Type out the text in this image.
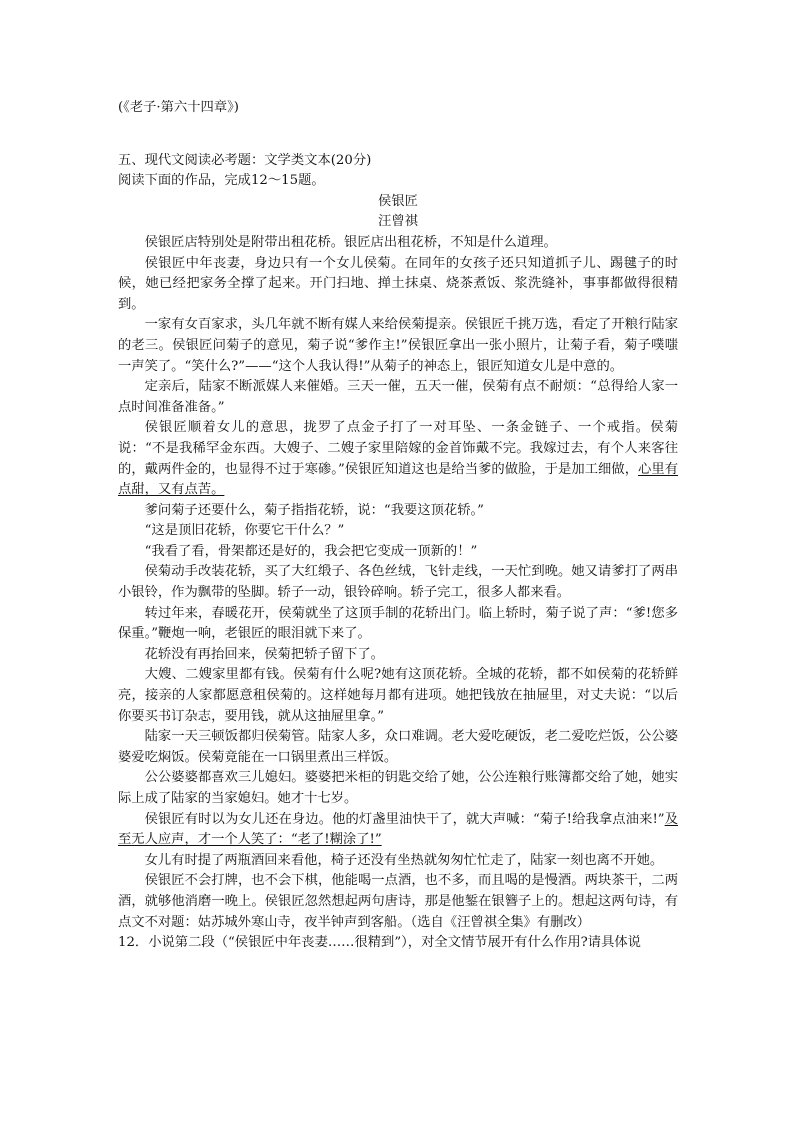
(《老子·第六十四章》)

五、现代文阅读必考题：文学类文本(20分)

阅读下面的作品，完成12～15题。

侯银匠

汪曾祺

侯银匠店特别处是附带出租花桥。银匠店出租花桥，不知是什么道理。

侯银匠中年丧妻，身边只有一个女儿侯菊。在同年的女孩子还只知道抓子儿、踢毽子的时候，她已经把家务全撑了起来。开门扫地、掸土抹桌、烧茶煮饭、浆洗缝补，事事都做得很精到。

一家有女百家求，头几年就不断有媒人来给侯菊提亲。侯银匠千挑万选，看定了开粮行陆家的老三。侯银匠问菊子的意见，菊子说“爹作主!”侯银匠拿出一张小照片，让菊子看，菊子噗嗤一声笑了。“笑什么?”——“这个人我认得!”从菊子的神态上，银匠知道女儿是中意的。

定亲后，陆家不断派媒人来催婚。三天一催，五天一催，侯菊有点不耐烦：“总得给人家一点时间准备准备。”

侯银匠顺着女儿的意思，拢罗了点金子打了一对耳坠、一条金链子、一个戒指。侯菊说：“不是我稀罕金东西。大嫂子、二嫂子家里陪嫁的金首饰戴不完。我嫁过去，有个人来客往的，戴两件金的，也显得不过于寒碜。”侯银匠知道这也是给当爹的做脸，于是加工细做，心里有点甜，又有点苦。

爹问菊子还要什么，菊子指指花轿，说：“我要这顶花轿。”

“这是顶旧花轿，你要它干什么？”

“我看了看，骨架都还是好的，我会把它变成一顶新的！”

侯菊动手改装花轿，买了大红缎子、各色丝绒，飞针走线，一天忙到晚。她又请爹打了两串小银铃，作为飘带的坠脚。轿子一动，银铃碎响。轿子完工，很多人都来看。

转过年来，春暖花开，侯菊就坐了这顶手制的花轿出门。临上轿时，菊子说了声：“爹!您多保重。”鞭炮一响，老银匠的眼泪就下来了。

花轿没有再抬回来，侯菊把轿子留下了。

大嫂、二嫂家里都有钱。侯菊有什么呢?她有这顶花轿。全城的花轿，都不如侯菊的花轿鲜亮，接亲的人家都愿意租侯菊的。这样她每月都有进项。她把钱放在抽屉里，对丈夫说：“以后你要买书订杂志，要用钱，就从这抽屉里拿。”

陆家一天三顿饭都归侯菊管。陆家人多，众口难调。老大爱吃硬饭，老二爱吃烂饭，公公婆婆爱吃焖饭。侯菊竟能在一口锅里煮出三样饭。

公公婆婆都喜欢三儿媳妇。婆婆把米柜的钥匙交给了她，公公连粮行账簿都交给了她，她实际上成了陆家的当家媳妇。她才十七岁。

侯银匠有时以为女儿还在身边。他的灯盏里油快干了，就大声喊：“菊子!给我拿点油来!”及至无人应声，才一个人笑了：“老了!糊涂了!”

女儿有时提了两瓶酒回来看他，椅子还没有坐热就匆匆忙忙走了，陆家一刻也离不开她。

侯银匠不会打牌，也不会下棋，他能喝一点酒，也不多，而且喝的是慢酒。两块茶干，二两酒，就够他消磨一晚上。侯银匠忽然想起两句唐诗，那是他錾在银簪子上的。想起这两句诗，有点文不对题：姑苏城外寒山寺，夜半钟声到客船。（选自《汪曾祺全集》有删改）

12．小说第二段（“侯银匠中年丧妻……很精到”），对全文情节展开有什么作用?请具体说
